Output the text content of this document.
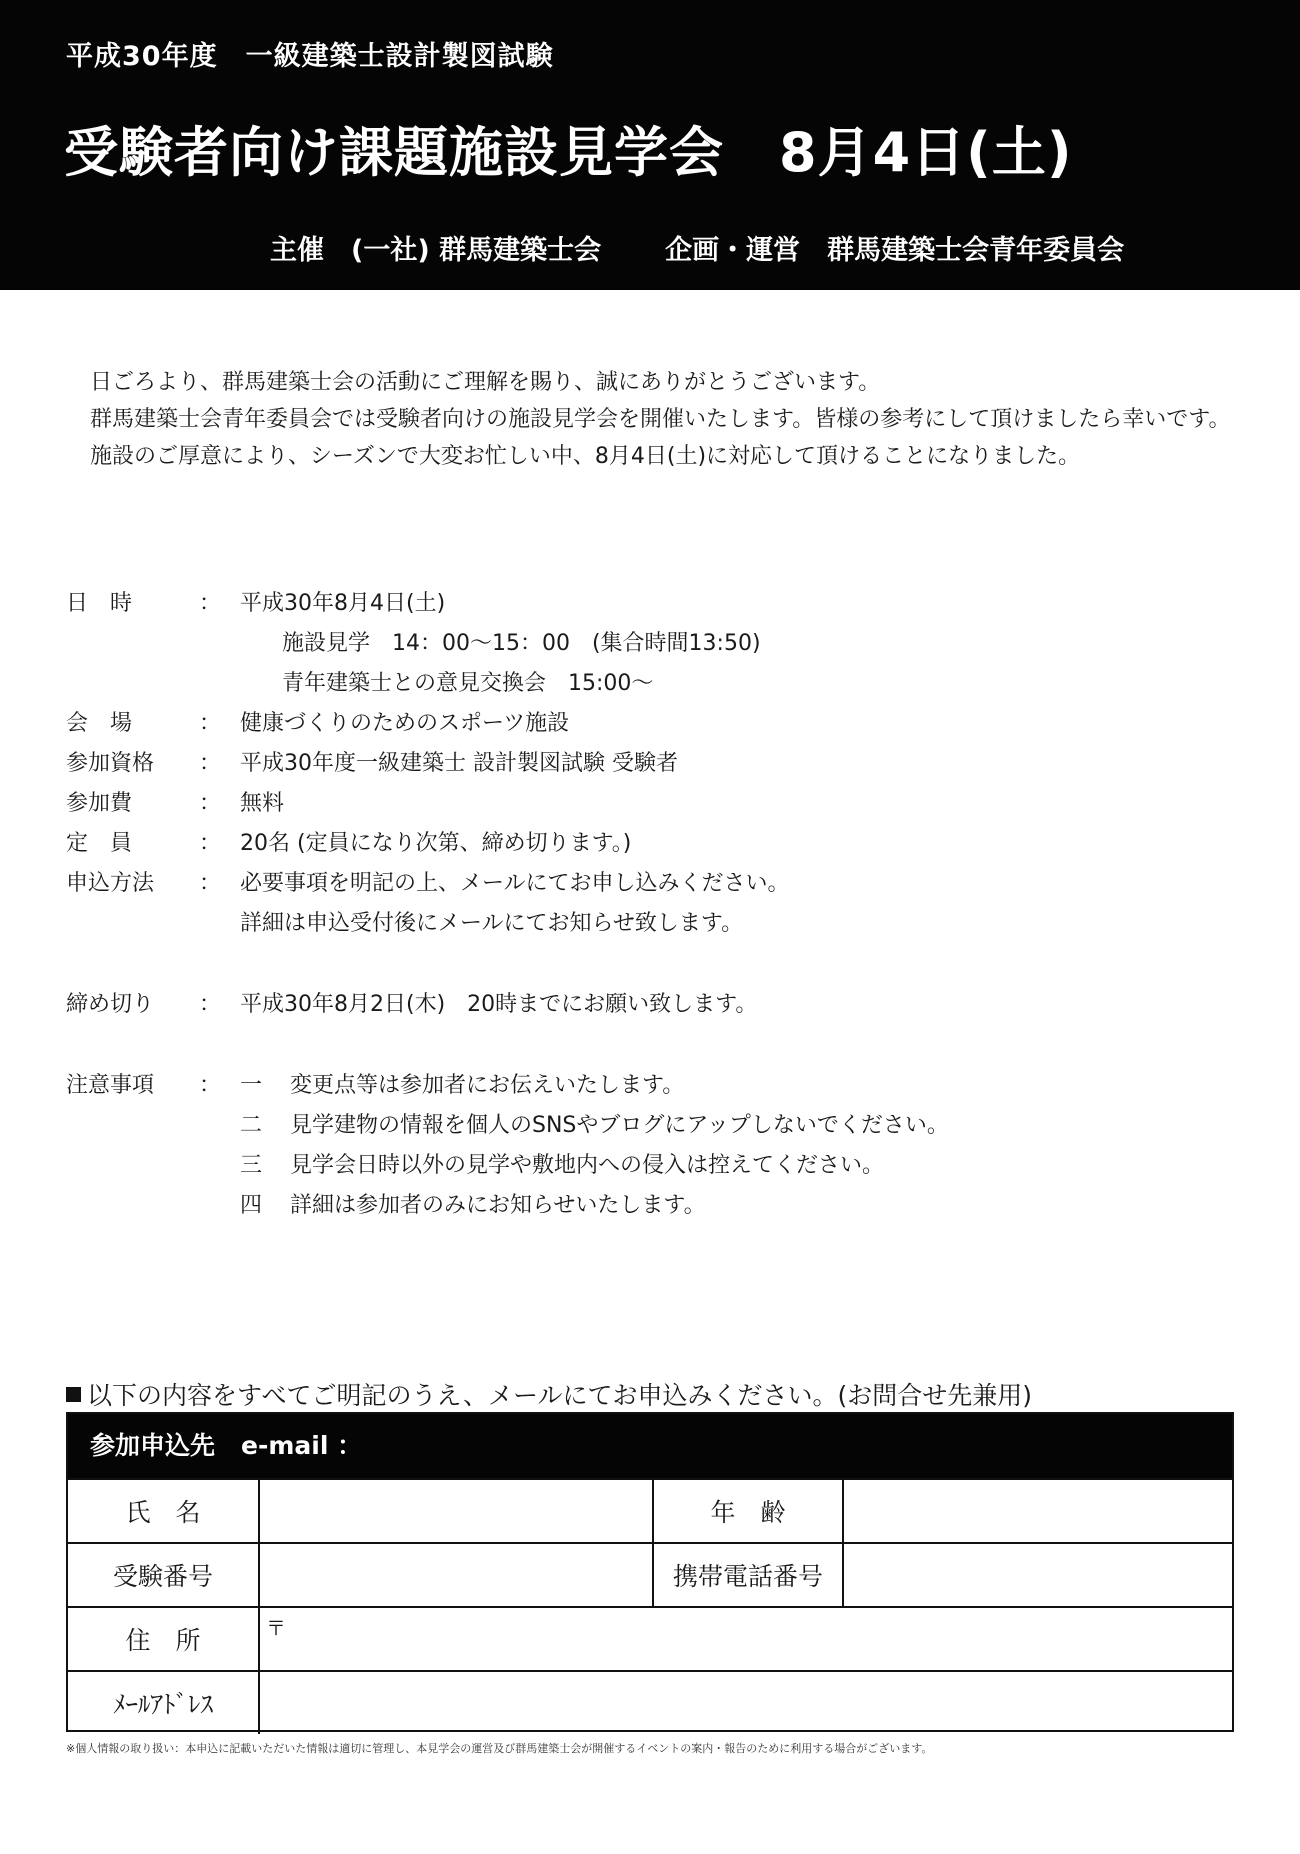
平成30年度　一級建築士設計製図試験
受験者向け課題施設見学会　8月4日(土)
主催　(一社) 群馬建築士会 企画・運営　群馬建築士会青年委員会

日ごろより、群馬建築士会の活動にご理解を賜り、誠にありがとうございます。

群馬建築士会青年委員会では受験者向けの施設見学会を開催いたします。皆様の参考にして頂けましたら幸いです。

施設のご厚意により、シーズンで大変お忙しい中、8月4日(土)に対応して頂けることになりました。

日　時	： 平成30年8月4日(土)
施設見学　14：00～15：00　(集合時間13:50)
青年建築士との意見交換会　15:00～
会　場	： 健康づくりのためのスポーツ施設
参加資格	： 平成30年度一級建築士 設計製図試験 受験者
参加費	： 無料
定　員	： 20名 (定員になり次第、締め切ります。)
申込方法	： 必要事項を明記の上、メールにてお申し込みください。
詳細は申込受付後にメールにてお知らせ致します。
締め切り	： 平成30年8月2日(木)　20時までにお願い致します。
注意事項	： 一 変更点等は参加者にお伝えいたします。
二 見学建物の情報を個人のSNSやブログにアップしないでください。
三 見学会日時以外の見学や敷地内への侵入は控えてください。
四 詳細は参加者のみにお知らせいたします。
以下の内容をすべてご明記のうえ、メールにてお申込みください。(お問合せ先兼用)
参加申込先 e-mail ：
氏　名	年　齢
受験番号	携帯電話番号
住　所	〒
ﾒｰﾙｱﾄﾞﾚｽ
※個人情報の取り扱い：本申込に記載いただいた情報は適切に管理し、本見学会の運営及び群馬建築士会が開催するイベントの案内・報告のために利用する場合がございます。
